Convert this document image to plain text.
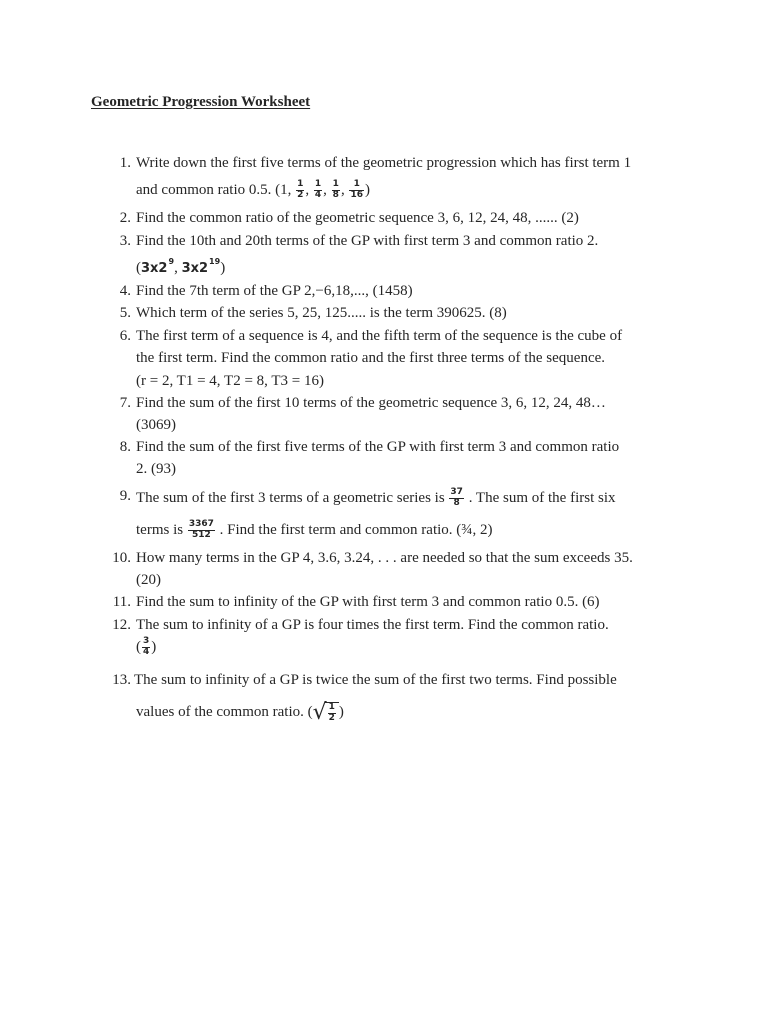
Geometric Progression Worksheet
1. Write down the first five terms of the geometric progression which has first term 1
and common ratio 0.5. (1, $\frac{1}{2}$ , $\frac{1}{4}$ , $\frac{1}{8}$ , $\frac{1}{16}$ )
2. Find the common ratio of the geometric sequence 3, 6, 12, 24, 48, ...... (2)
3. Find the 10th and 20th terms of the GP with first term 3 and common ratio 2.
($3x2^9$, $3x2^{19}$)
4. Find the 7th term of the GP 2,−6,18,..., (1458)
5. Which term of the series 5, 25, 125..... is the term 390625. (8)
6. The first term of a sequence is 4, and the fifth term of the sequence is the cube of
the first term. Find the common ratio and the first three terms of the sequence.
(r = 2, T1 = 4, T2 = 8, T3 = 16)
7. Find the sum of the first 10 terms of the geometric sequence 3, 6, 12, 24, 48…
(3069)
8. Find the sum of the first five terms of the GP with first term 3 and common ratio
2. (93)
9. The sum of the first 3 terms of a geometric series is $\frac{37}{8}$ . The sum of the first six
terms is $\frac{3367}{512}$ . Find the first term and common ratio. (¾, 2)
10. How many terms in the GP 4, 3.6, 3.24, . . . are needed so that the sum exceeds 35.
(20)
11. Find the sum to infinity of the GP with first term 3 and common ratio 0.5. (6)
12. The sum to infinity of a GP is four times the first term. Find the common ratio.
( $\frac{3}{4}$ )
13. The sum to infinity of a GP is twice the sum of the first two terms. Find possible
values of the common ratio. (√ $\frac{1}{2}$ )
